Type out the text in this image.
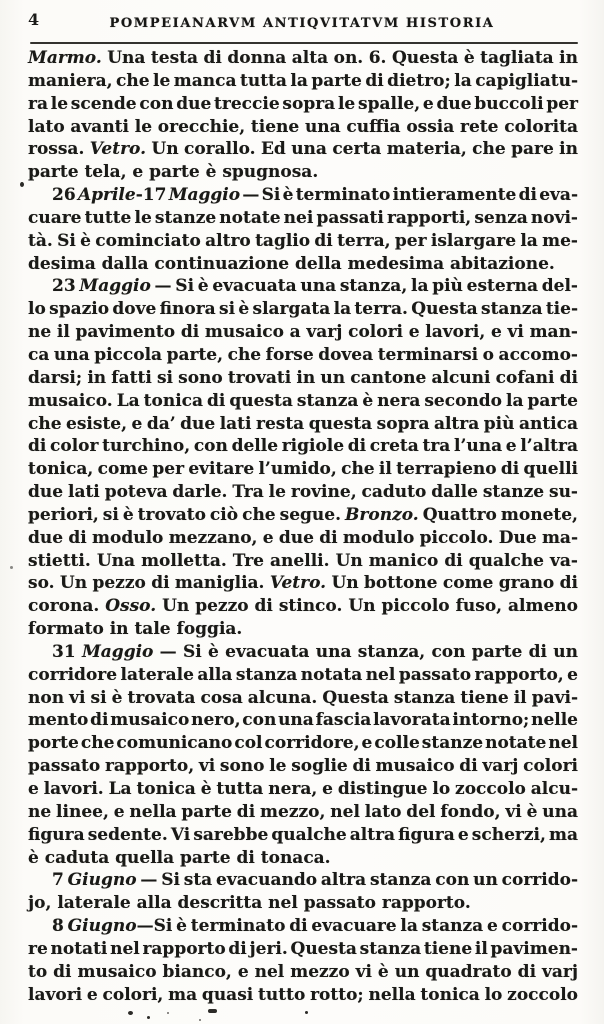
4	POMPEIANARVM ANTIQVITATVM HISTORIA
Marmo. Una testa di donna alta on. 6. Questa è tagliata in
maniera, che le manca tutta la parte di dietro; la capigliatu-
ra le scende con due treccie sopra le spalle, e due buccoli per
lato avanti le orecchie, tiene una cuffia ossia rete colorita
rossa. Vetro. Un corallo. Ed una certa materia, che pare in
parte tela, e parte è spugnosa.
26 Aprile-17 Maggio — Si è terminato intieramente di eva-
cuare tutte le stanze notate nei passati rapporti, senza novi-
tà. Si è cominciato altro taglio di terra, per islargare la me-
desima dalla continuazione della medesima abitazione.
23 Maggio — Si è evacuata una stanza, la più esterna del-
lo spazio dove finora si è slargata la terra. Questa stanza tie-
ne il pavimento di musaico a varj colori e lavori, e vi man-
ca una piccola parte, che forse dovea terminarsi o accomo-
darsi; in fatti si sono trovati in un cantone alcuni cofani di
musaico. La tonica di questa stanza è nera secondo la parte
che esiste, e da’ due lati resta questa sopra altra più antica
di color turchino, con delle rigiole di creta tra l’una e l’altra
tonica, come per evitare l’umido, che il terrapieno di quelli
due lati poteva darle. Tra le rovine, caduto dalle stanze su-
periori, si è trovato ciò che segue. Bronzo. Quattro monete,
due di modulo mezzano, e due di modulo piccolo. Due ma-
stietti. Una molletta. Tre anelli. Un manico di qualche va-
so. Un pezzo di maniglia. Vetro. Un bottone come grano di
corona. Osso. Un pezzo di stinco. Un piccolo fuso, almeno
formato in tale foggia.
31 Maggio — Si è evacuata una stanza, con parte di un
corridore laterale alla stanza notata nel passato rapporto, e
non vi si è trovata cosa alcuna. Questa stanza tiene il pavi-
mento di musaico nero, con una fascia lavorata intorno; nelle
porte che comunicano col corridore, e colle stanze notate nel
passato rapporto, vi sono le soglie di musaico di varj colori
e lavori. La tonica è tutta nera, e distingue lo zoccolo alcu-
ne linee, e nella parte di mezzo, nel lato del fondo, vi è una
figura sedente. Vi sarebbe qualche altra figura e scherzi, ma
è caduta quella parte di tonaca.
7 Giugno — Si sta evacuando altra stanza con un corrido-
jo, laterale alla descritta nel passato rapporto.
8 Giugno—Si è terminato di evacuare la stanza e corrido-
re notati nel rapporto di jeri. Questa stanza tiene il pavimen-
to di musaico bianco, e nel mezzo vi è un quadrato di varj
lavori e colori, ma quasi tutto rotto; nella tonica lo zoccolo
